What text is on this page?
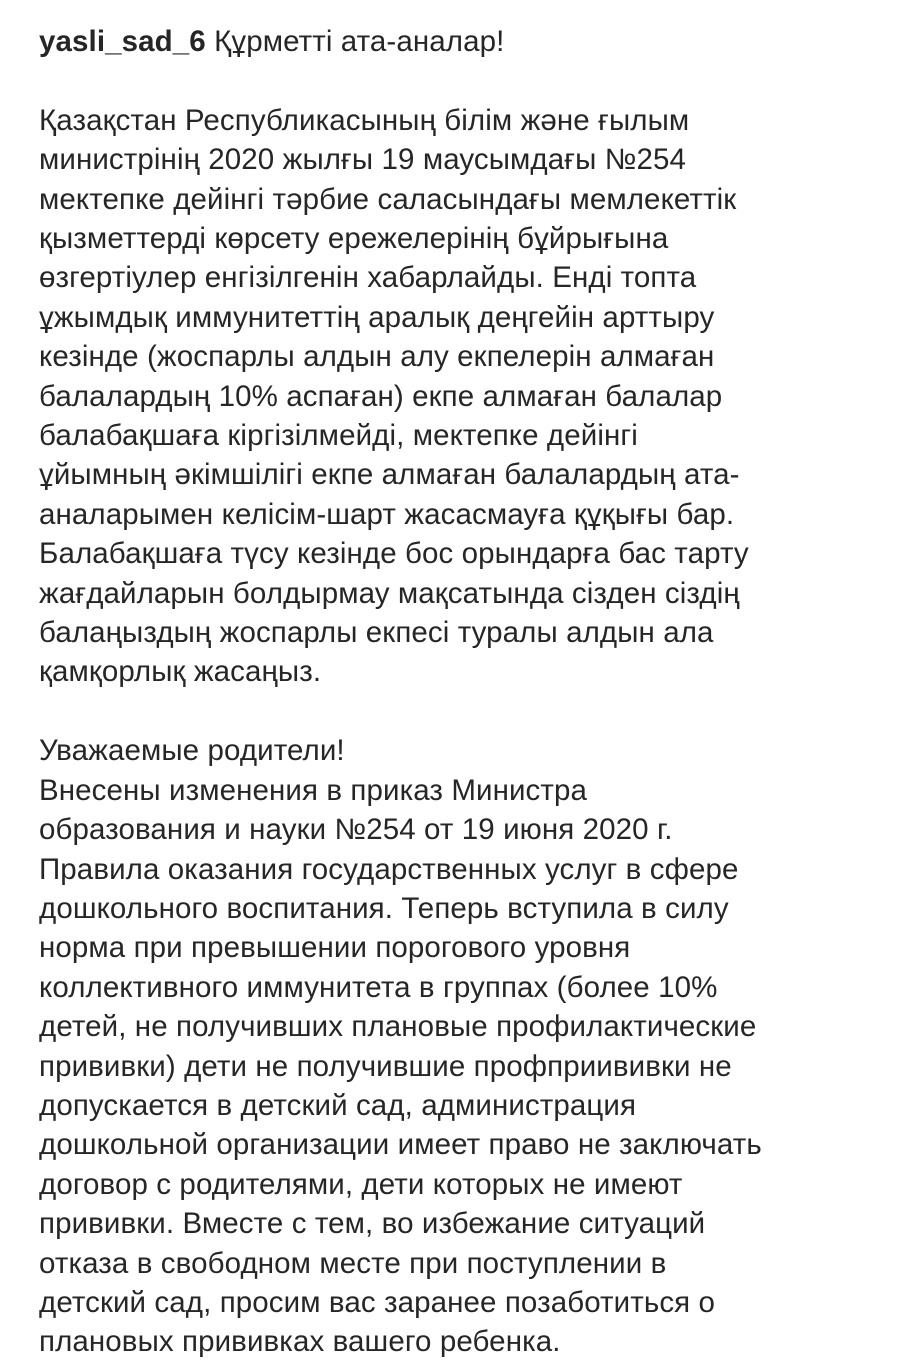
yasli_sad_6 Құрметті ата-аналар!
Қазақстан Республикасының білім және ғылым
министрінің 2020 жылғы 19 маусымдағы №254
мектепке дейінгі тәрбие саласындағы мемлекеттік
қызметтерді көрсету ережелерінің бұйрығына
өзгертіулер енгізілгенін хабарлайды. Енді топта
ұжымдық иммунитеттің аралық деңгейін арттыру
кезінде (жоспарлы алдын алу екпелерін алмаған
балалардың 10% аспаған) екпе алмаған балалар
балабақшаға кіргізілмейді, мектепке дейінгі
ұйымның әкімшілігі екпе алмаған балалардың ата-
аналарымен келісім-шарт жасасмауға құқығы бар.
Балабақшаға түсу кезінде бос орындарға бас тарту
жағдайларын болдырмау мақсатында сізден сіздің
балаңыздың жоспарлы екпесі туралы алдын ала
қамқорлық жасаңыз.
Уважаемые родители!
Внесены изменения в приказ Министра
образования и науки №254 от 19 июня 2020 г.
Правила оказания государственных услуг в сфере
дошкольного воспитания. Теперь вступила в силу
норма при превышении порогового уровня
коллективного иммунитета в группах (более 10%
детей, не получивших плановые профилактические
прививки) дети не получившие профприививки не
допускается в детский сад, администрация
дошкольной организации имеет право не заключать
договор с родителями, дети которых не имеют
прививки. Вместе с тем, во избежание ситуаций
отказа в свободном месте при поступлении в
детский сад, просим вас заранее позаботиться о
плановых прививках вашего ребенка.
